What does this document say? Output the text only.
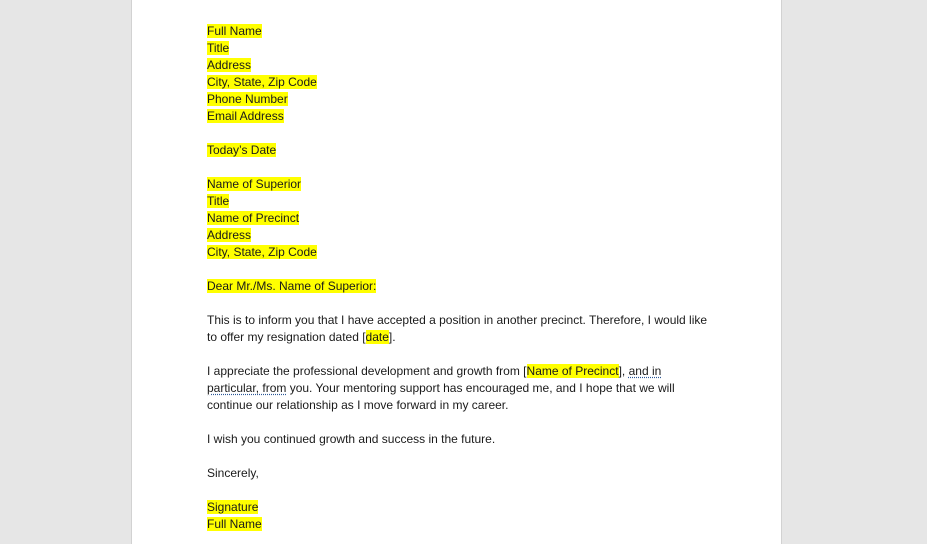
Full Name
Title
Address
City, State, Zip Code
Phone Number
Email Address
Today’s Date
Name of Superior
Title
Name of Precinct
Address
City, State, Zip Code
Dear Mr./Ms. Name of Superior:
This is to inform you that I have accepted a position in another precinct. Therefore, I would like
to offer my resignation dated [date].
I appreciate the professional development and growth from [Name of Precinct], and in
particular, from you. Your mentoring support has encouraged me, and I hope that we will
continue our relationship as I move forward in my career.
I wish you continued growth and success in the future.
Sincerely,
Signature
Full Name
